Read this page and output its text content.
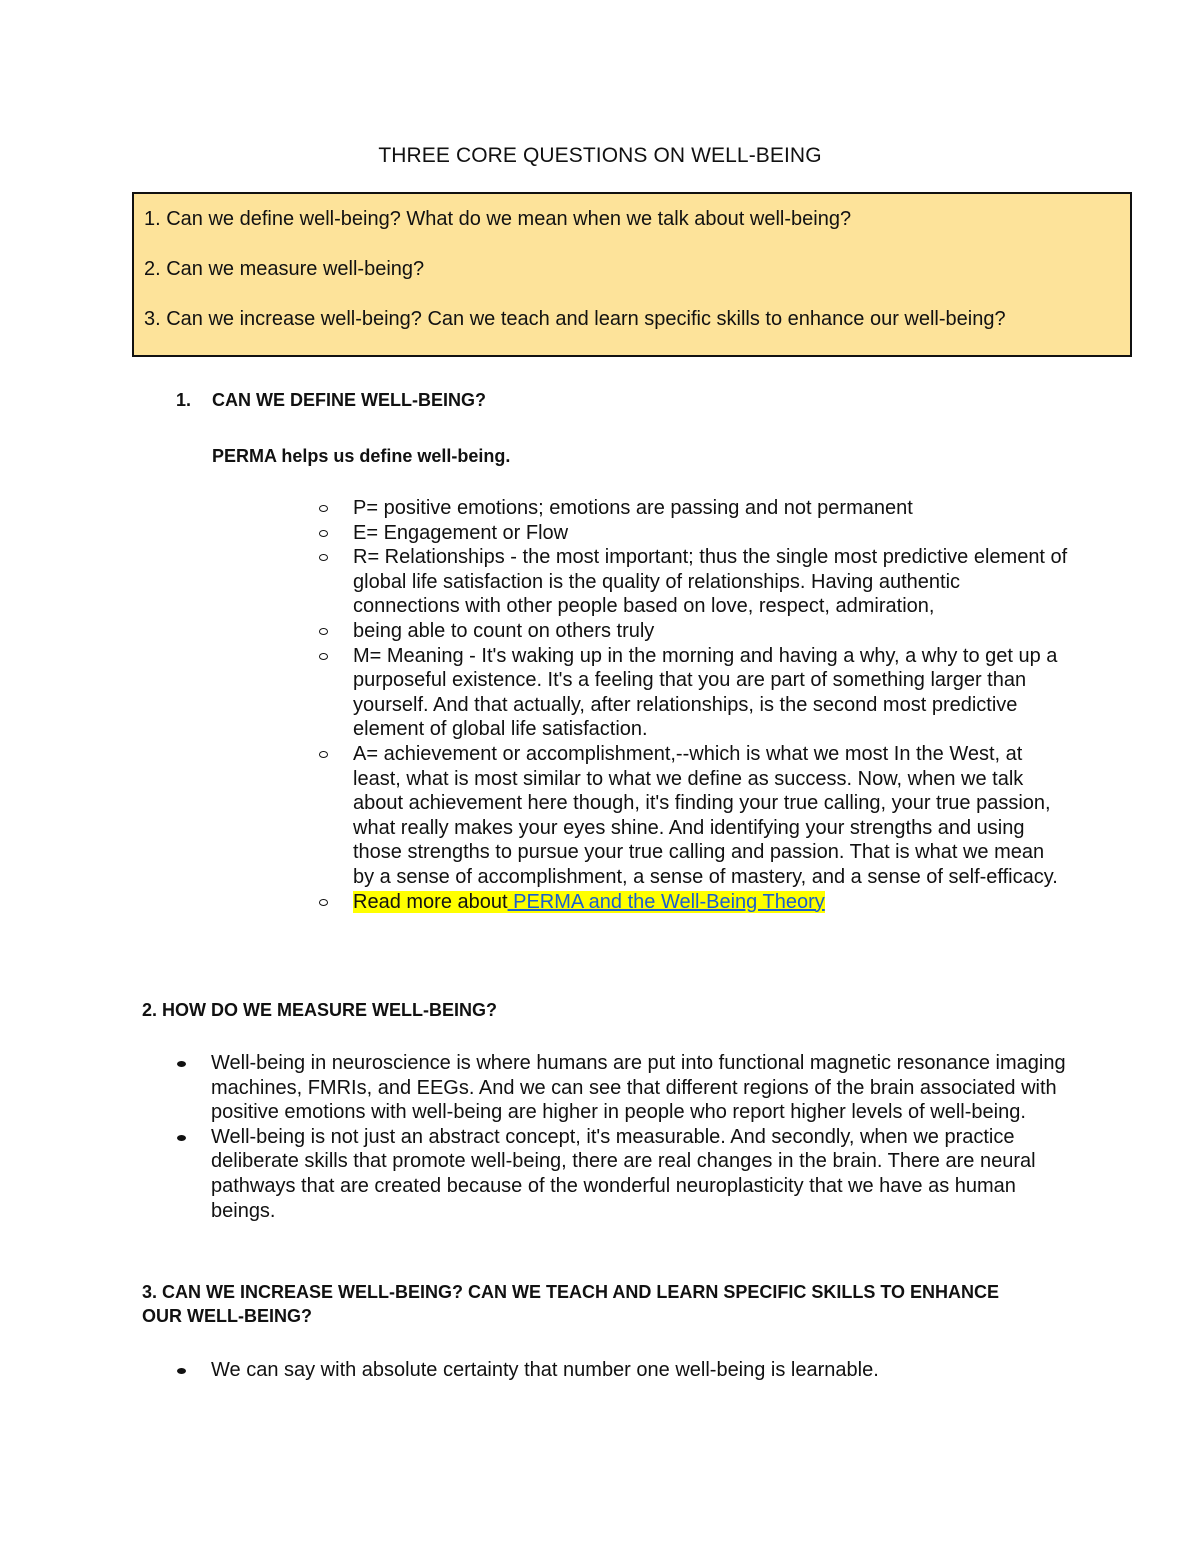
THREE CORE QUESTIONS ON WELL-BEING
1. Can we define well-being? What do we mean when we talk about well-being?
2. Can we measure well-being?
3. Can we increase well-being? Can we teach and learn specific skills to enhance our well-being?
1. CAN WE DEFINE WELL-BEING?
PERMA helps us define well-being.
P= positive emotions; emotions are passing and not permanent
E= Engagement or Flow
R= Relationships - the most important; thus the single most predictive element of global life satisfaction is the quality of relationships. Having authentic connections with other people based on love, respect, admiration,
being able to count on others truly
M= Meaning - It's waking up in the morning and having a why, a why to get up a purposeful existence. It's a feeling that you are part of something larger than yourself. And that actually, after relationships, is the second most predictive element of global life satisfaction.
A= achievement or accomplishment,--which is what we most In the West, at least, what is most similar to what we define as success. Now, when we talk about achievement here though, it's finding your true calling, your true passion, what really makes your eyes shine. And identifying your strengths and using those strengths to pursue your true calling and passion. That is what we mean by a sense of accomplishment, a sense of mastery, and a sense of self-efficacy.
Read more about PERMA and the Well-Being Theory
2. HOW DO WE MEASURE WELL-BEING?
Well-being in neuroscience is where humans are put into functional magnetic resonance imaging machines, FMRIs, and EEGs. And we can see that different regions of the brain associated with positive emotions with well-being are higher in people who report higher levels of well-being.
Well-being is not just an abstract concept, it's measurable. And secondly, when we practice deliberate skills that promote well-being, there are real changes in the brain. There are neural pathways that are created because of the wonderful neuroplasticity that we have as human beings.
3. CAN WE INCREASE WELL-BEING? CAN WE TEACH AND LEARN SPECIFIC SKILLS TO ENHANCE OUR WELL-BEING?
We can say with absolute certainty that number one well-being is learnable.
